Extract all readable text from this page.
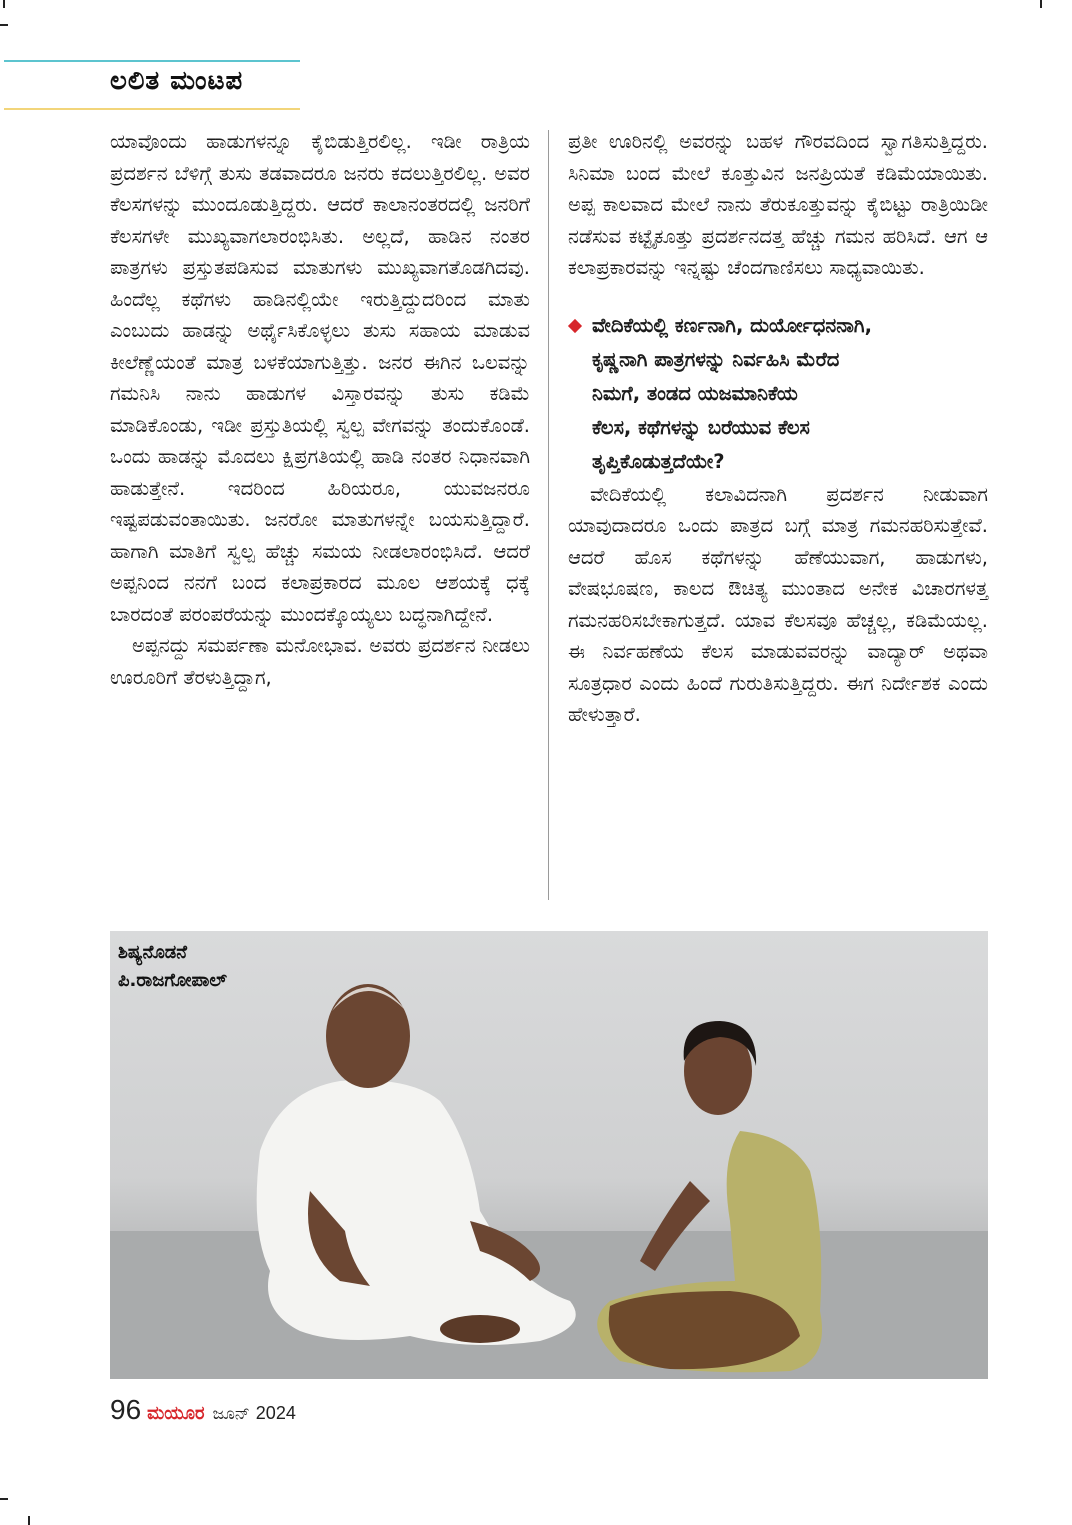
ಲಲಿತ ಮಂಟಪ

ಯಾವೊಂದು ಹಾಡುಗಳನ್ನೂ ಕೈಬಿಡುತ್ತಿರಲಿಲ್ಲ. ಇಡೀ ರಾತ್ರಿಯ ಪ್ರದರ್ಶನ ಬೆಳಿಗ್ಗೆ ತುಸು ತಡವಾದರೂ ಜನರು ಕದಲುತ್ತಿರಲಿಲ್ಲ. ಅವರ ಕೆಲಸಗಳನ್ನು ಮುಂದೂಡುತ್ತಿದ್ದರು. ಆದರೆ ಕಾಲಾನಂತರದಲ್ಲಿ ಜನರಿಗೆ ಕೆಲಸಗಳೇ ಮುಖ್ಯವಾಗಲಾರಂಭಿಸಿತು. ಅಲ್ಲದೆ, ಹಾಡಿನ ನಂತರ ಪಾತ್ರಗಳು ಪ್ರಸ್ತುತಪಡಿಸುವ ಮಾತುಗಳು ಮುಖ್ಯವಾಗತೊಡಗಿದವು. ಹಿಂದೆಲ್ಲ ಕಥೆಗಳು ಹಾಡಿನಲ್ಲಿಯೇ ಇರುತ್ತಿದ್ದುದರಿಂದ ಮಾತು ಎಂಬುದು ಹಾಡನ್ನು ಅರ್ಥೈಸಿಕೊಳ್ಳಲು ತುಸು ಸಹಾಯ ಮಾಡುವ ಕೀಲೆಣ್ಣೆಯಂತೆ ಮಾತ್ರ ಬಳಕೆಯಾಗುತ್ತಿತ್ತು. ಜನರ ಈಗಿನ ಒಲವನ್ನು ಗಮನಿಸಿ ನಾನು ಹಾಡುಗಳ ವಿಸ್ತಾರವನ್ನು ತುಸು ಕಡಿಮೆ ಮಾಡಿಕೊಂಡು, ಇಡೀ ಪ್ರಸ್ತುತಿಯಲ್ಲಿ ಸ್ವಲ್ಪ ವೇಗವನ್ನು ತಂದುಕೊಂಡೆ. ಒಂದು ಹಾಡನ್ನು ಮೊದಲು ಕ್ಷಿಪ್ರಗತಿಯಲ್ಲಿ ಹಾಡಿ ನಂತರ ನಿಧಾನವಾಗಿ ಹಾಡುತ್ತೇನೆ. ಇದರಿಂದ ಹಿರಿಯರೂ, ಯುವಜನರೂ ಇಷ್ಟಪಡುವಂತಾಯಿತು. ಜನರೋ ಮಾತುಗಳನ್ನೇ ಬಯಸುತ್ತಿದ್ದಾರೆ. ಹಾಗಾಗಿ ಮಾತಿಗೆ ಸ್ವಲ್ಪ ಹೆಚ್ಚು ಸಮಯ ನೀಡಲಾರಂಭಿಸಿದೆ. ಆದರೆ ಅಪ್ಪನಿಂದ ನನಗೆ ಬಂದ ಕಲಾಪ್ರಕಾರದ ಮೂಲ ಆಶಯಕ್ಕೆ ಧಕ್ಕೆ ಬಾರದಂತೆ ಪರಂಪರೆಯನ್ನು ಮುಂದಕ್ಕೊಯ್ಯಲು ಬದ್ಧನಾಗಿದ್ದೇನೆ.

ಅಪ್ಪನದ್ದು ಸಮರ್ಪಣಾ ಮನೋಭಾವ. ಅವರು ಪ್ರದರ್ಶನ ನೀಡಲು ಊರೂರಿಗೆ ತೆರಳುತ್ತಿದ್ದಾಗ,

ಪ್ರತೀ ಊರಿನಲ್ಲಿ ಅವರನ್ನು ಬಹಳ ಗೌರವದಿಂದ ಸ್ವಾಗತಿಸುತ್ತಿದ್ದರು. ಸಿನಿಮಾ ಬಂದ ಮೇಲೆ ಕೂತ್ತುವಿನ ಜನಪ್ರಿಯತೆ ಕಡಿಮೆಯಾಯಿತು. ಅಪ್ಪ ಕಾಲವಾದ ಮೇಲೆ ನಾನು ತೆರುಕೂತ್ತುವನ್ನು ಕೈಬಿಟ್ಟು ರಾತ್ರಿಯಿಡೀ ನಡೆಸುವ ಕಟ್ಟೈಕೂತ್ತು ಪ್ರದರ್ಶನದತ್ತ ಹೆಚ್ಚು ಗಮನ ಹರಿಸಿದೆ. ಆಗ ಆ ಕಲಾಪ್ರಕಾರವನ್ನು ಇನ್ನಷ್ಟು ಚೆಂದಗಾಣಿಸಲು ಸಾಧ್ಯವಾಯಿತು.

ವೇದಿಕೆಯಲ್ಲಿ ಕರ್ಣನಾಗಿ, ದುರ್ಯೋಧನನಾಗಿ,
ಕೃಷ್ಣನಾಗಿ ಪಾತ್ರಗಳನ್ನು ನಿರ್ವಹಿಸಿ ಮೆರೆದ
ನಿಮಗೆ, ತಂಡದ ಯಜಮಾನಿಕೆಯ
ಕೆಲಸ, ಕಥೆಗಳನ್ನು ಬರೆಯುವ ಕೆಲಸ
ತೃಪ್ತಿಕೊಡುತ್ತದೆಯೇ?

ವೇದಿಕೆಯಲ್ಲಿ ಕಲಾವಿದನಾಗಿ ಪ್ರದರ್ಶನ ನೀಡುವಾಗ ಯಾವುದಾದರೂ ಒಂದು ಪಾತ್ರದ ಬಗ್ಗೆ ಮಾತ್ರ ಗಮನಹರಿಸುತ್ತೇವೆ. ಆದರೆ ಹೊಸ ಕಥೆಗಳನ್ನು ಹೆಣೆಯುವಾಗ, ಹಾಡುಗಳು, ವೇಷಭೂಷಣ, ಕಾಲದ ಔಚಿತ್ಯ ಮುಂತಾದ ಅನೇಕ ವಿಚಾರಗಳತ್ತ ಗಮನಹರಿಸಬೇಕಾಗುತ್ತದೆ. ಯಾವ ಕೆಲಸವೂ ಹೆಚ್ಚಲ್ಲ, ಕಡಿಮೆಯಲ್ಲ. ಈ ನಿರ್ವಹಣೆಯ ಕೆಲಸ ಮಾಡುವವರನ್ನು ವಾದ್ಯಾರ್ ಅಥವಾ ಸೂತ್ರಧಾರ ಎಂದು ಹಿಂದೆ ಗುರುತಿಸುತ್ತಿದ್ದರು. ಈಗ ನಿರ್ದೇಶಕ ಎಂದು ಹೇಳುತ್ತಾರೆ.

ಶಿಷ್ಯನೊಡನೆ
ಪಿ.ರಾಜಗೋಪಾಲ್
96 ಮಯೂರ ಜೂನ್ 2024
